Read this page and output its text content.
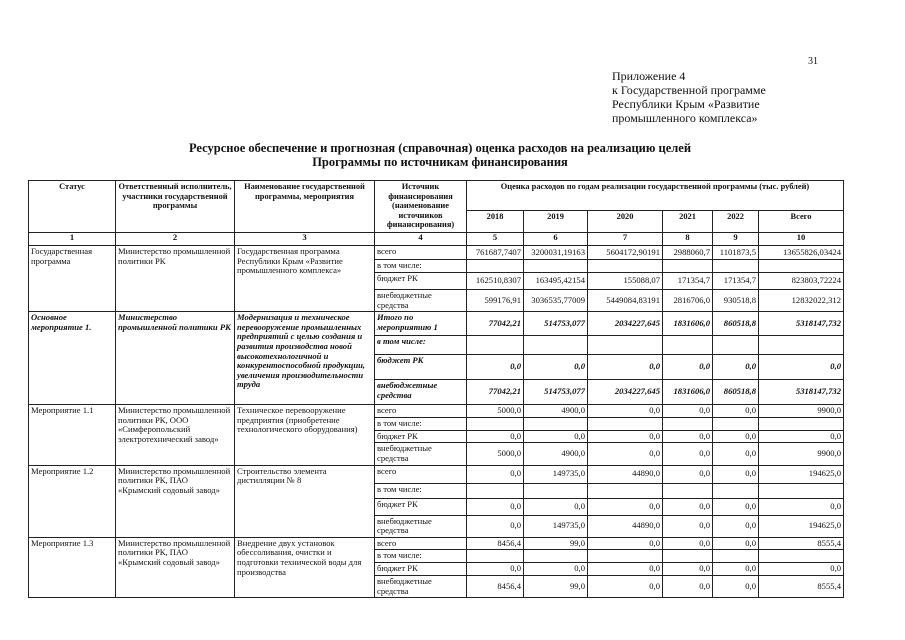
31
Приложение 4
к Государственной программе
Республики Крым «Развитие
промышленного комплекса»
Ресурсное обеспечение и прогнозная (справочная) оценка расходов на реализацию целей
Программы по источникам финансирования
Статус	Ответственный исполнитель, участники государственной программы	Наименование государственной программы, мероприятия	Источник финансирования (наименование источников финансирования)	Оценка расходов по годам реализации государственной программы (тыс. рублей)					
				2018	2019	2020	2021	2022	Всего
1	2	3	4	5	6	7	8	9	10
Государственная программа	Министерство промышленной политики РК	Государственная программа Республики Крым «Развитие промышленного комплекса»	всего	761687,7407	3200031,19163	5604172,90191	2988060,7	1101873,5	13655826,03424
			в том числе:						
			бюджет РК	162510,8307	163495,42154	155088,07	171354,7	171354,7	823803,72224
			внебюджетные средства	599176,91	3036535,77009	5449084,83191	2816706,0	930518,8	12832022,312
Основное мероприятие 1.	Министерство промышленной политики РК	Модернизация и техническое перевооружение промышленных предприятий с целью создания и развития производства новой высокотехнологичной и конкурентоспособной продукции, увеличения производительности труда	Итого по мероприятию 1	77042,21	514753,077	2034227,645	1831606,0	860518,8	5318147,732
			в том числе:						
			бюджет РК	0,0	0,0	0,0	0,0	0,0	0,0
			внебюджетные средства	77042,21	514753,077	2034227,645	1831606,0	860518,8	5318147,732
Мероприятие 1.1	Министерство промышленной политики РК, ООО «Симферопольский электротехнический завод»	Техническое перевооружение предприятия (приобретение технологического оборудования)	всего	5000,0	4900,0	0,0	0,0	0,0	9900,0
			в том числе:						
			бюджет РК	0,0	0,0	0,0	0,0	0,0	0,0
			внебюджетные средства	5000,0	4900,0	0,0	0,0	0,0	9900,0
Мероприятие 1.2	Министерство промышленной политики РК, ПАО «Крымский содовый завод»	Строительство элемента дистилляции № 8	всего	0,0	149735,0	44890,0	0,0	0,0	194625,0
			в том числе:						
			бюджет РК	0,0	0,0	0,0	0,0	0,0	0,0
			внебюджетные средства	0,0	149735,0	44890,0	0,0	0,0	194625,0
Мероприятие 1.3	Министерство промышленной политики РК, ПАО «Крымский содовый завод»	Внедрение двух установок обессоливания, очистки и подготовки технической воды для производства	всего	8456,4	99,0	0,0	0,0	0,0	8555,4
			в том числе:						
			бюджет РК	0,0	0,0	0,0	0,0	0,0	0,0
			внебюджетные средства	8456,4	99,0	0,0	0,0	0,0	8555,4
